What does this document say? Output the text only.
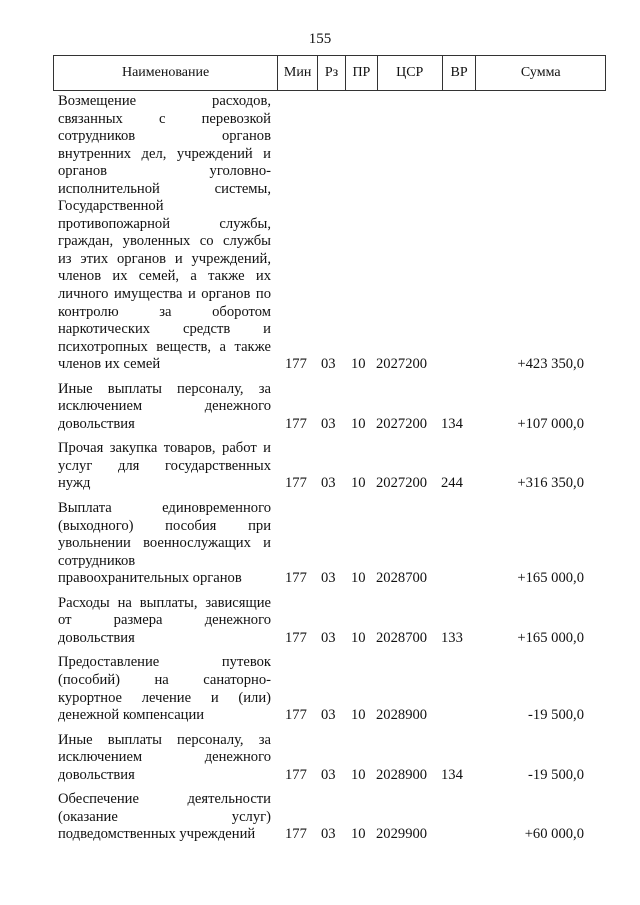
155
Наименование	Мин Рз	ПР	ЦСР	ВР	Сумма
Возмещение расходов,
связанных с перевозкой
сотрудников органов
внутренних дел, учреждений и
органов уголовно-
исполнительной системы,
Государственной
противопожарной службы,
граждан, уволенных со службы
из этих органов и учреждений,
членов их семей, а также их
личного имущества и органов по
контролю за оборотом
наркотических средств и
психотропных веществ, а также
членов их семей	177 03 10 2027200	+423 350,0
Иные выплаты персоналу, за
исключением денежного
довольствия	177 03 10 2027200 134	+107 000,0
Прочая закупка товаров, работ и
услуг для государственных
нужд	177 03 10 2027200 244	+316 350,0
Выплата единовременного
(выходного) пособия при
увольнении военнослужащих и
сотрудников
правоохранительных органов	177 03 10 2028700	+165 000,0
Расходы на выплаты, зависящие
от размера денежного
довольствия	177 03 10 2028700 133	+165 000,0
Предоставление путевок
(пособий) на санаторно-
курортное лечение и (или)
денежной компенсации	177 03 10 2028900	-19 500,0
Иные выплаты персоналу, за
исключением денежного
довольствия	177 03 10 2028900 134	-19 500,0
Обеспечение деятельности
(оказание услуг)
подведомственных учреждений	177 03 10 2029900	+60 000,0
